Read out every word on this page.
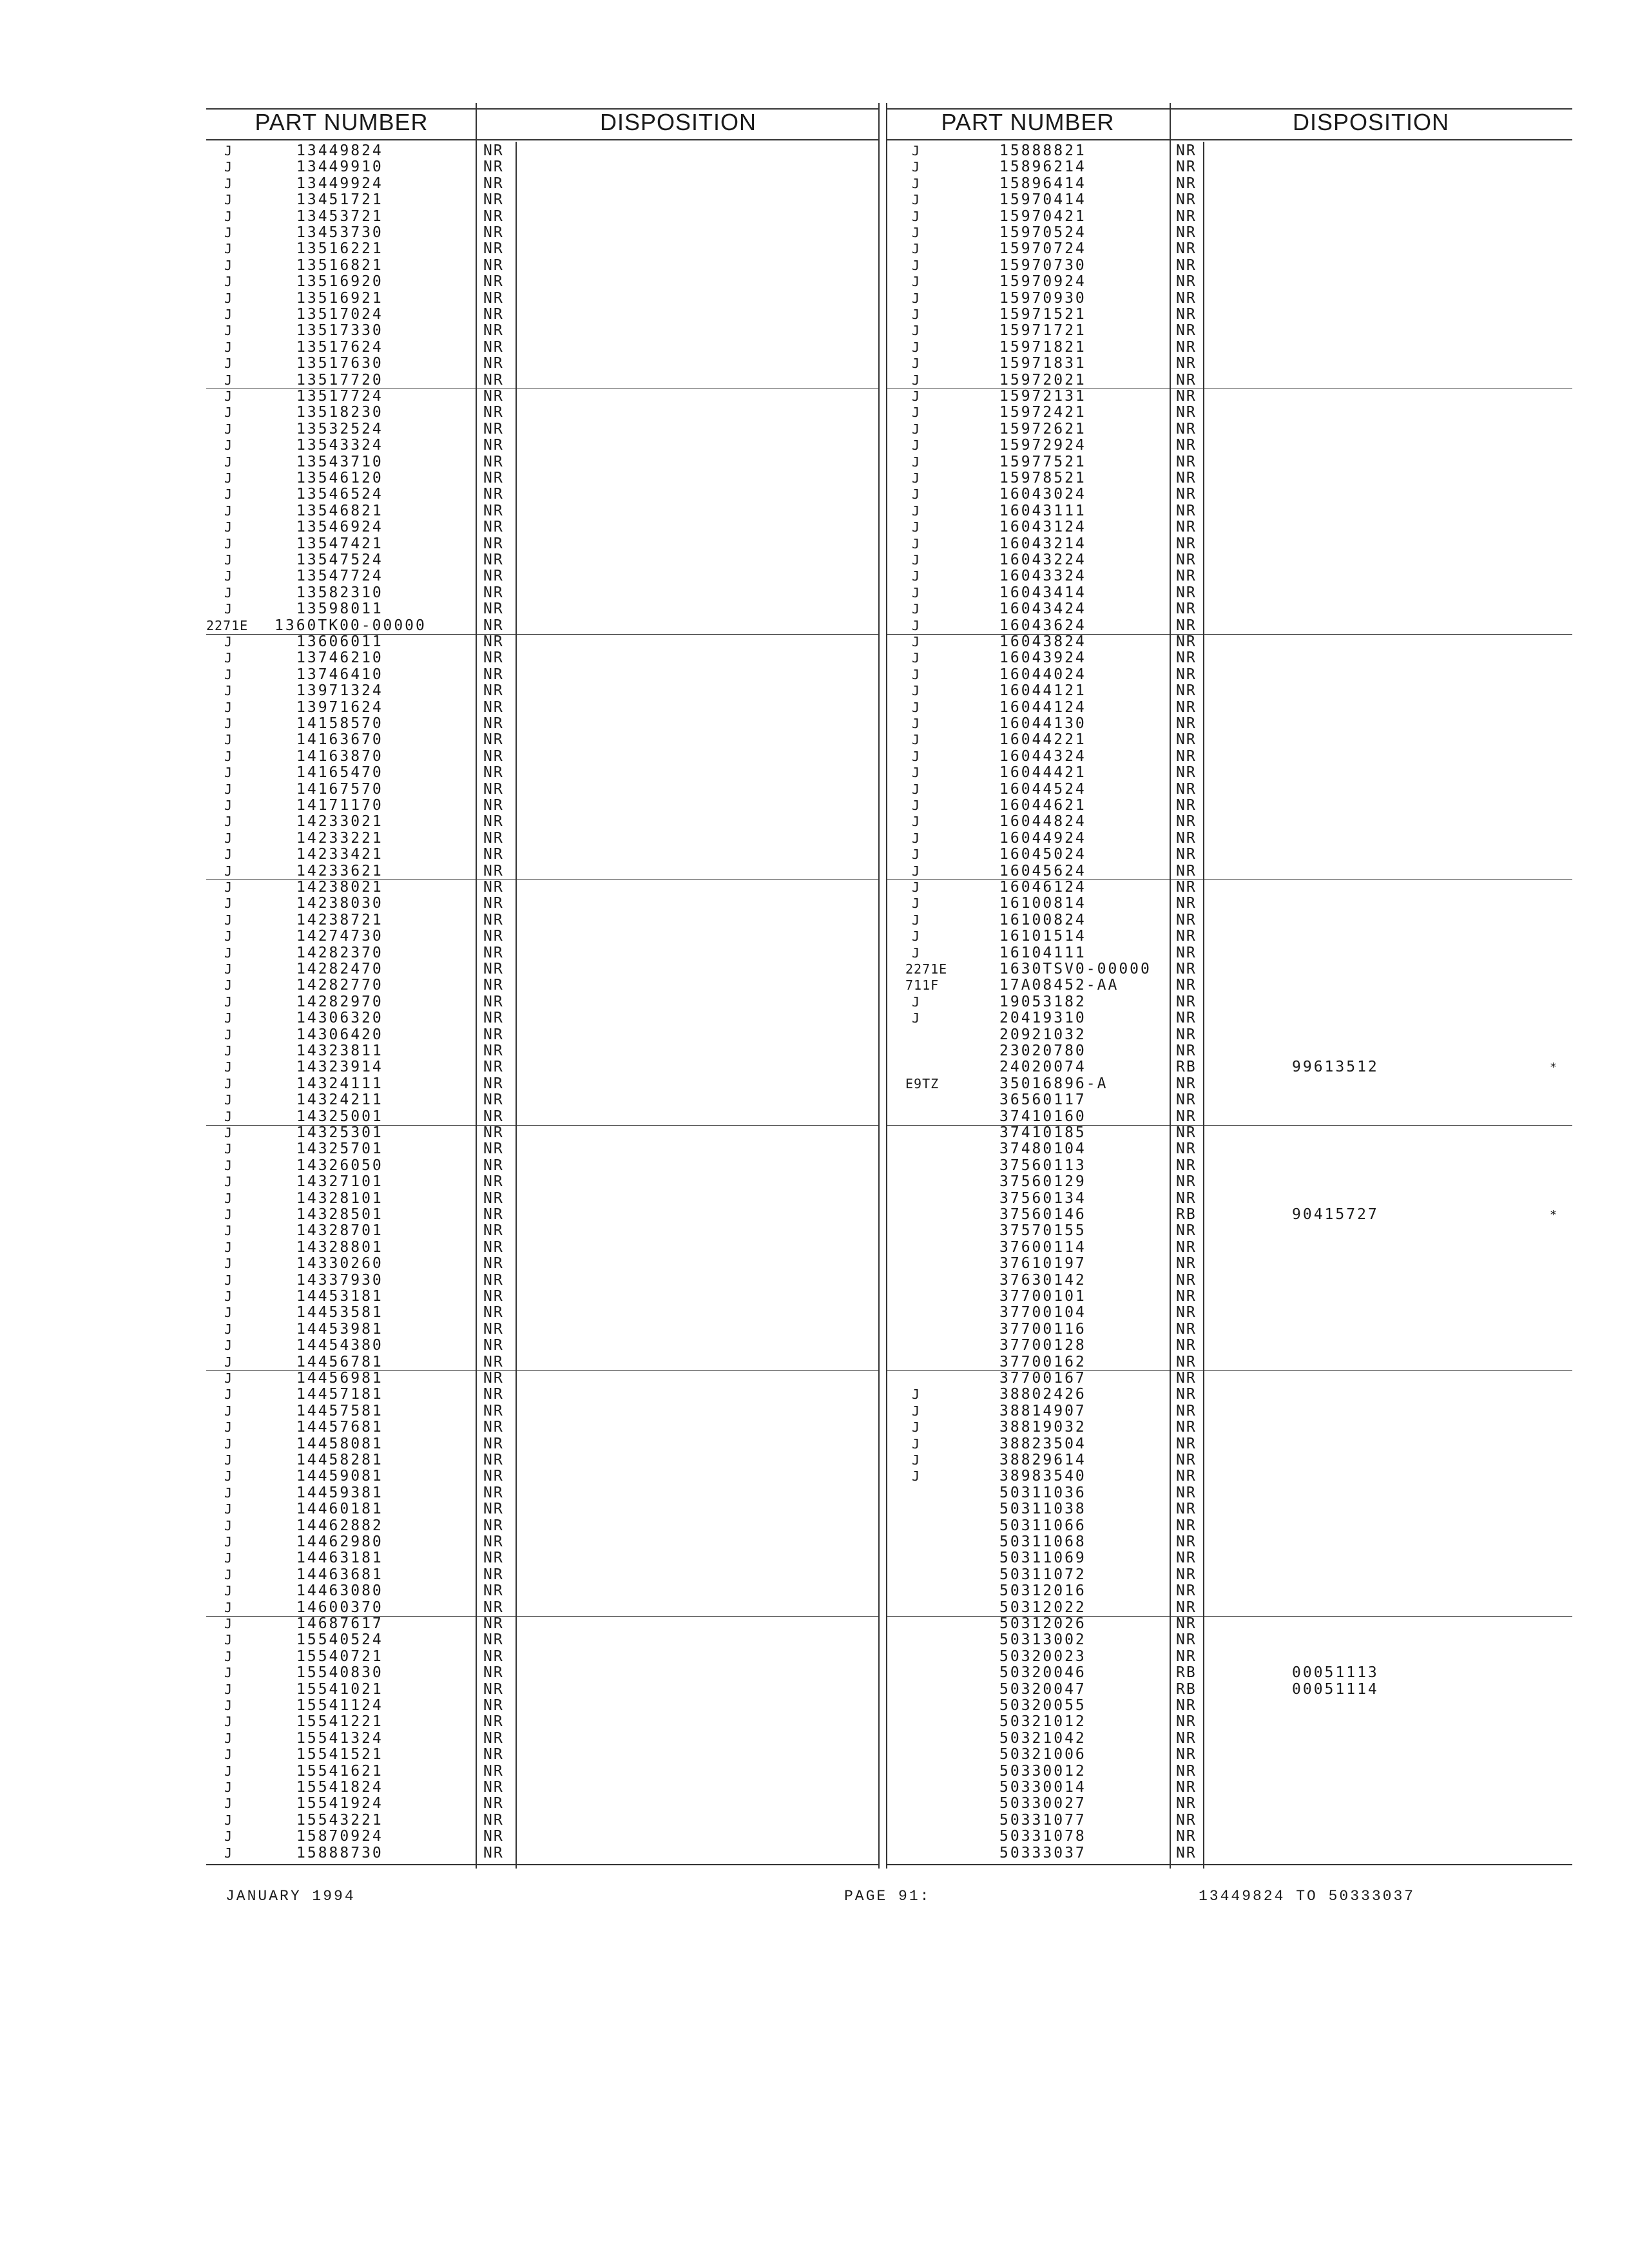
PART NUMBER	DISPOSITION
J	13449824	NR
J	13449910	NR
J	13449924	NR
J	13451721	NR
J	13453721	NR
J	13453730	NR
J	13516221	NR
J	13516821	NR
J	13516920	NR
J	13516921	NR
J	13517024	NR
J	13517330	NR
J	13517624	NR
J	13517630	NR
J	13517720	NR
J	13517724	NR
J	13518230	NR
J	13532524	NR
J	13543324	NR
J	13543710	NR
J	13546120	NR
J	13546524	NR
J	13546821	NR
J	13546924	NR
J	13547421	NR
J	13547524	NR
J	13547724	NR
J	13582310	NR
J	13598011	NR
2271E 1360TK00-00000	NR
J	13606011	NR
J	13746210	NR
J	13746410	NR
J	13971324	NR
J	13971624	NR
J	14158570	NR
J	14163670	NR
J	14163870	NR
J	14165470	NR
J	14167570	NR
J	14171170	NR
J	14233021	NR
J	14233221	NR
J	14233421	NR
J	14233621	NR
J	14238021	NR
J	14238030	NR
J	14238721	NR
J	14274730	NR
J	14282370	NR
J	14282470	NR
J	14282770	NR
J	14282970	NR
J	14306320	NR
J	14306420	NR
J	14323811	NR
J	14323914	NR
J	14324111	NR
J	14324211	NR
J	14325001	NR
J	14325301	NR
J	14325701	NR
J	14326050	NR
J	14327101	NR
J	14328101	NR
J	14328501	NR
J	14328701	NR
J	14328801	NR
J	14330260	NR
J	14337930	NR
J	14453181	NR
J	14453581	NR
J	14453981	NR
J	14454380	NR
J	14456781	NR
J	14456981	NR
J	14457181	NR
J	14457581	NR
J	14457681	NR
J	14458081	NR
J	14458281	NR
J	14459081	NR
J	14459381	NR
J	14460181	NR
J	14462882	NR
J	14462980	NR
J	14463181	NR
J	14463681	NR
J	14463080	NR
J	14600370	NR
J	14687617	NR
J	15540524	NR
J	15540721	NR
J	15540830	NR
J	15541021	NR
J	15541124	NR
J	15541221	NR
J	15541324	NR
J	15541521	NR
J	15541621	NR
J	15541824	NR
J	15541924	NR
J	15543221	NR
J	15870924	NR
J	15888730	NR
PART NUMBER	DISPOSITION
J	15888821	NR
J	15896214	NR
J	15896414	NR
J	15970414	NR
J	15970421	NR
J	15970524	NR
J	15970724	NR
J	15970730	NR
J	15970924	NR
J	15970930	NR
J	15971521	NR
J	15971721	NR
J	15971821	NR
J	15971831	NR
J	15972021	NR
J	15972131	NR
J	15972421	NR
J	15972621	NR
J	15972924	NR
J	15977521	NR
J	15978521	NR
J	16043024	NR
J	16043111	NR
J	16043124	NR
J	16043214	NR
J	16043224	NR
J	16043324	NR
J	16043414	NR
J	16043424	NR
J	16043624	NR
J	16043824	NR
J	16043924	NR
J	16044024	NR
J	16044121	NR
J	16044124	NR
J	16044130	NR
J	16044221	NR
J	16044324	NR
J	16044421	NR
J	16044524	NR
J	16044621	NR
J	16044824	NR
J	16044924	NR
J	16045024	NR
J	16045624	NR
J	16046124	NR
J	16100814	NR
J	16100824	NR
J	16101514	NR
J	16104111	NR
2271E	1630TSV0-00000 NR
711F	17A08452-AA	NR
J	19053182	NR
J	20419310	NR
20921032	NR
23020780	NR
24020074	RB	99613512	*
E9TZ	35016896-A	NR
36560117	NR
37410160	NR
37410185	NR
37480104	NR
37560113	NR
37560129	NR
37560134	NR
37560146	RB	90415727	*
37570155	NR
37600114	NR
37610197	NR
37630142	NR
37700101	NR
37700104	NR
37700116	NR
37700128	NR
37700162	NR
37700167	NR
J	38802426	NR
J	38814907	NR
J	38819032	NR
J	38823504	NR
J	38829614	NR
J	38983540	NR
50311036	NR
50311038	NR
50311066	NR
50311068	NR
50311069	NR
50311072	NR
50312016	NR
50312022	NR
50312026	NR
50313002	NR
50320023	NR
50320046	RB	00051113
50320047	RB	00051114
50320055	NR
50321012	NR
50321042	NR
50321006	NR
50330012	NR
50330014	NR
50330027	NR
50331077	NR
50331078	NR
50333037	NR
JANUARY 1994	PAGE 91:	13449824 TO 50333037
